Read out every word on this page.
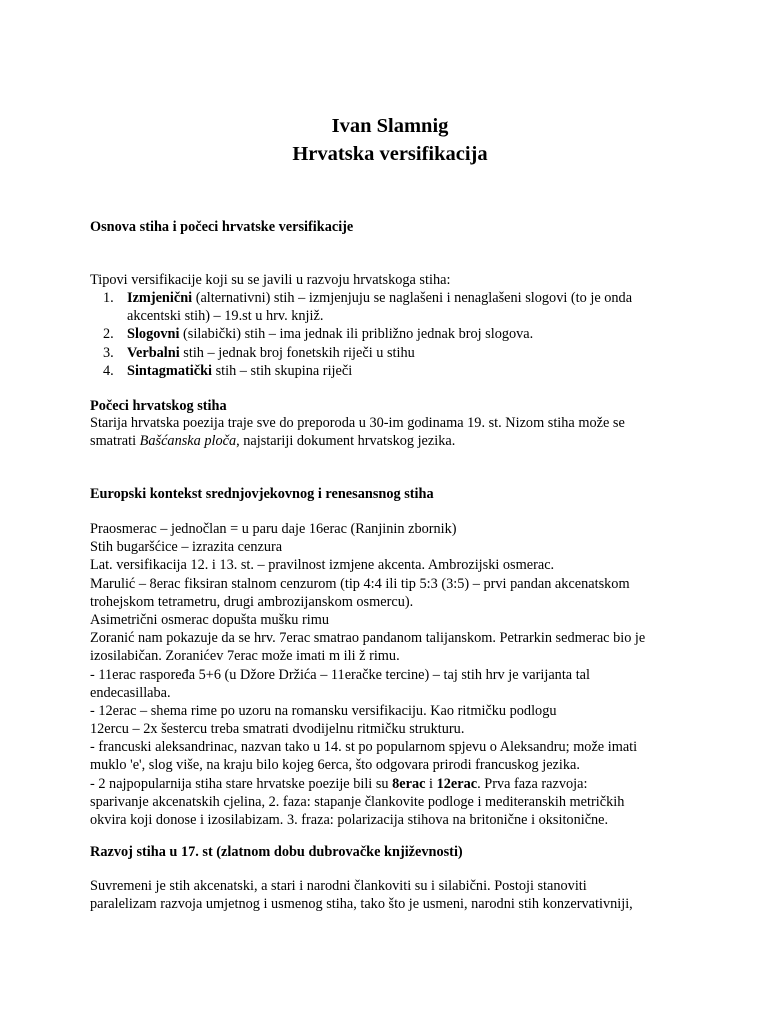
Ivan Slamnig
Hrvatska versifikacija
Osnova stiha i počeci hrvatske versifikacije
Tipovi versifikacije koji su se javili u razvoju hrvatskoga stiha:
1. Izmjenični (alternativni) stih – izmjenjuju se naglašeni i nenaglašeni slogovi (to je onda
akcentski stih) – 19.st u hrv. knjiž.
2. Slogovni (silabički) stih – ima jednak ili približno jednak broj slogova.
3. Verbalni stih – jednak broj fonetskih riječi u stihu
4. Sintagmatički stih – stih skupina riječi
Počeci hrvatskog stiha
Starija hrvatska poezija traje sve do preporoda u 30-im godinama 19. st. Nizom stiha može se
smatrati Bašćanska ploča, najstariji dokument hrvatskog jezika.
Europski kontekst srednjovjekovnog i renesansnog stiha
Praosmerac – jednočlan = u paru daje 16erac (Ranjinin zbornik)
Stih bugaršćice – izrazita cenzura
Lat. versifikacija 12. i 13. st. – pravilnost izmjene akcenta. Ambrozijski osmerac.
Marulić – 8erac fiksiran stalnom cenzurom (tip 4:4 ili tip 5:3 (3:5) – prvi pandan akcenatskom
trohejskom tetrametru, drugi ambrozijanskom osmercu).
Asimetrični osmerac dopušta mušku rimu
Zoranić nam pokazuje da se hrv. 7erac smatrao pandanom talijanskom. Petrarkin sedmerac bio je
izosilabičan. Zoranićev 7erac može imati m ili ž rimu.
- 11erac raspoređa 5+6 (u Džore Držića – 11eračke tercine) – taj stih hrv je varijanta tal
endecasillaba.
- 12erac – shema rime po uzoru na romansku versifikaciju. Kao ritmičku podlogu
12ercu – 2x šestercu treba smatrati dvodijelnu ritmičku strukturu.
- francuski aleksandrinac, nazvan tako u 14. st po popularnom spjevu o Aleksandru; može imati
muklo 'e', slog više, na kraju bilo kojeg 6erca, što odgovara prirodi francuskog jezika.
- 2 najpopularnija stiha stare hrvatske poezije bili su 8erac i 12erac. Prva faza razvoja:
sparivanje akcenatskih cjelina, 2. faza: stapanje člankovite podloge i mediteranskih metričkih
okvira koji donose i izosilabizam. 3. fraza: polarizacija stihova na britonične i oksitonične.
Razvoj stiha u 17. st (zlatnom dobu dubrovačke književnosti)
Suvremeni je stih akcenatski, a stari i narodni člankoviti su i silabični. Postoji stanoviti
paralelizam razvoja umjetnog i usmenog stiha, tako što je usmeni, narodni stih konzervativniji,
